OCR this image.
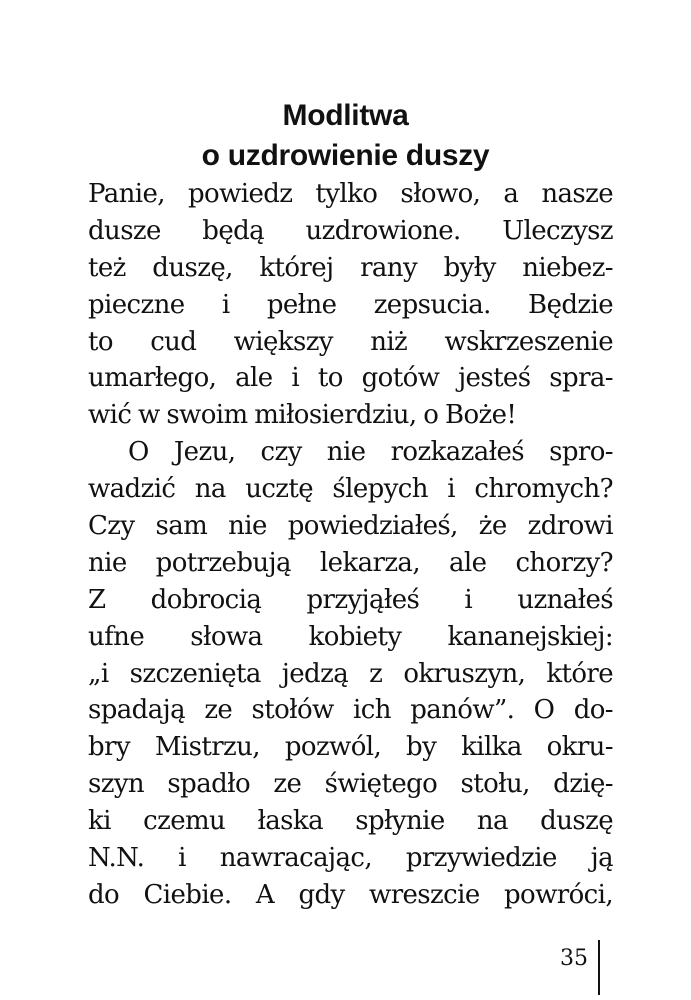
Modlitwa
o uzdrowienie duszy
Panie, powiedz tylko słowo, a nasze
dusze będą uzdrowione. Uleczysz
też duszę, której rany były niebez-
pieczne i pełne zepsucia. Będzie
to cud większy niż wskrzeszenie
umarłego, ale i to gotów jesteś spra-
wić w swoim miłosierdziu, o Boże!
O Jezu, czy nie rozkazałeś spro-
wadzić na ucztę ślepych i chromych?
Czy sam nie powiedziałeś, że zdrowi
nie potrzebują lekarza, ale chorzy?
Z dobrocią przyjąłeś i uznałeś
ufne słowa kobiety kananejskiej:
„i szczenięta jedzą z okruszyn, które
spadają ze stołów ich panów”. O do-
bry Mistrzu, pozwól, by kilka okru-
szyn spadło ze świętego stołu, dzię-
ki czemu łaska spłynie na duszę
N.N. i nawracając, przywiedzie ją
do Ciebie. A gdy wreszcie powróci,
35
